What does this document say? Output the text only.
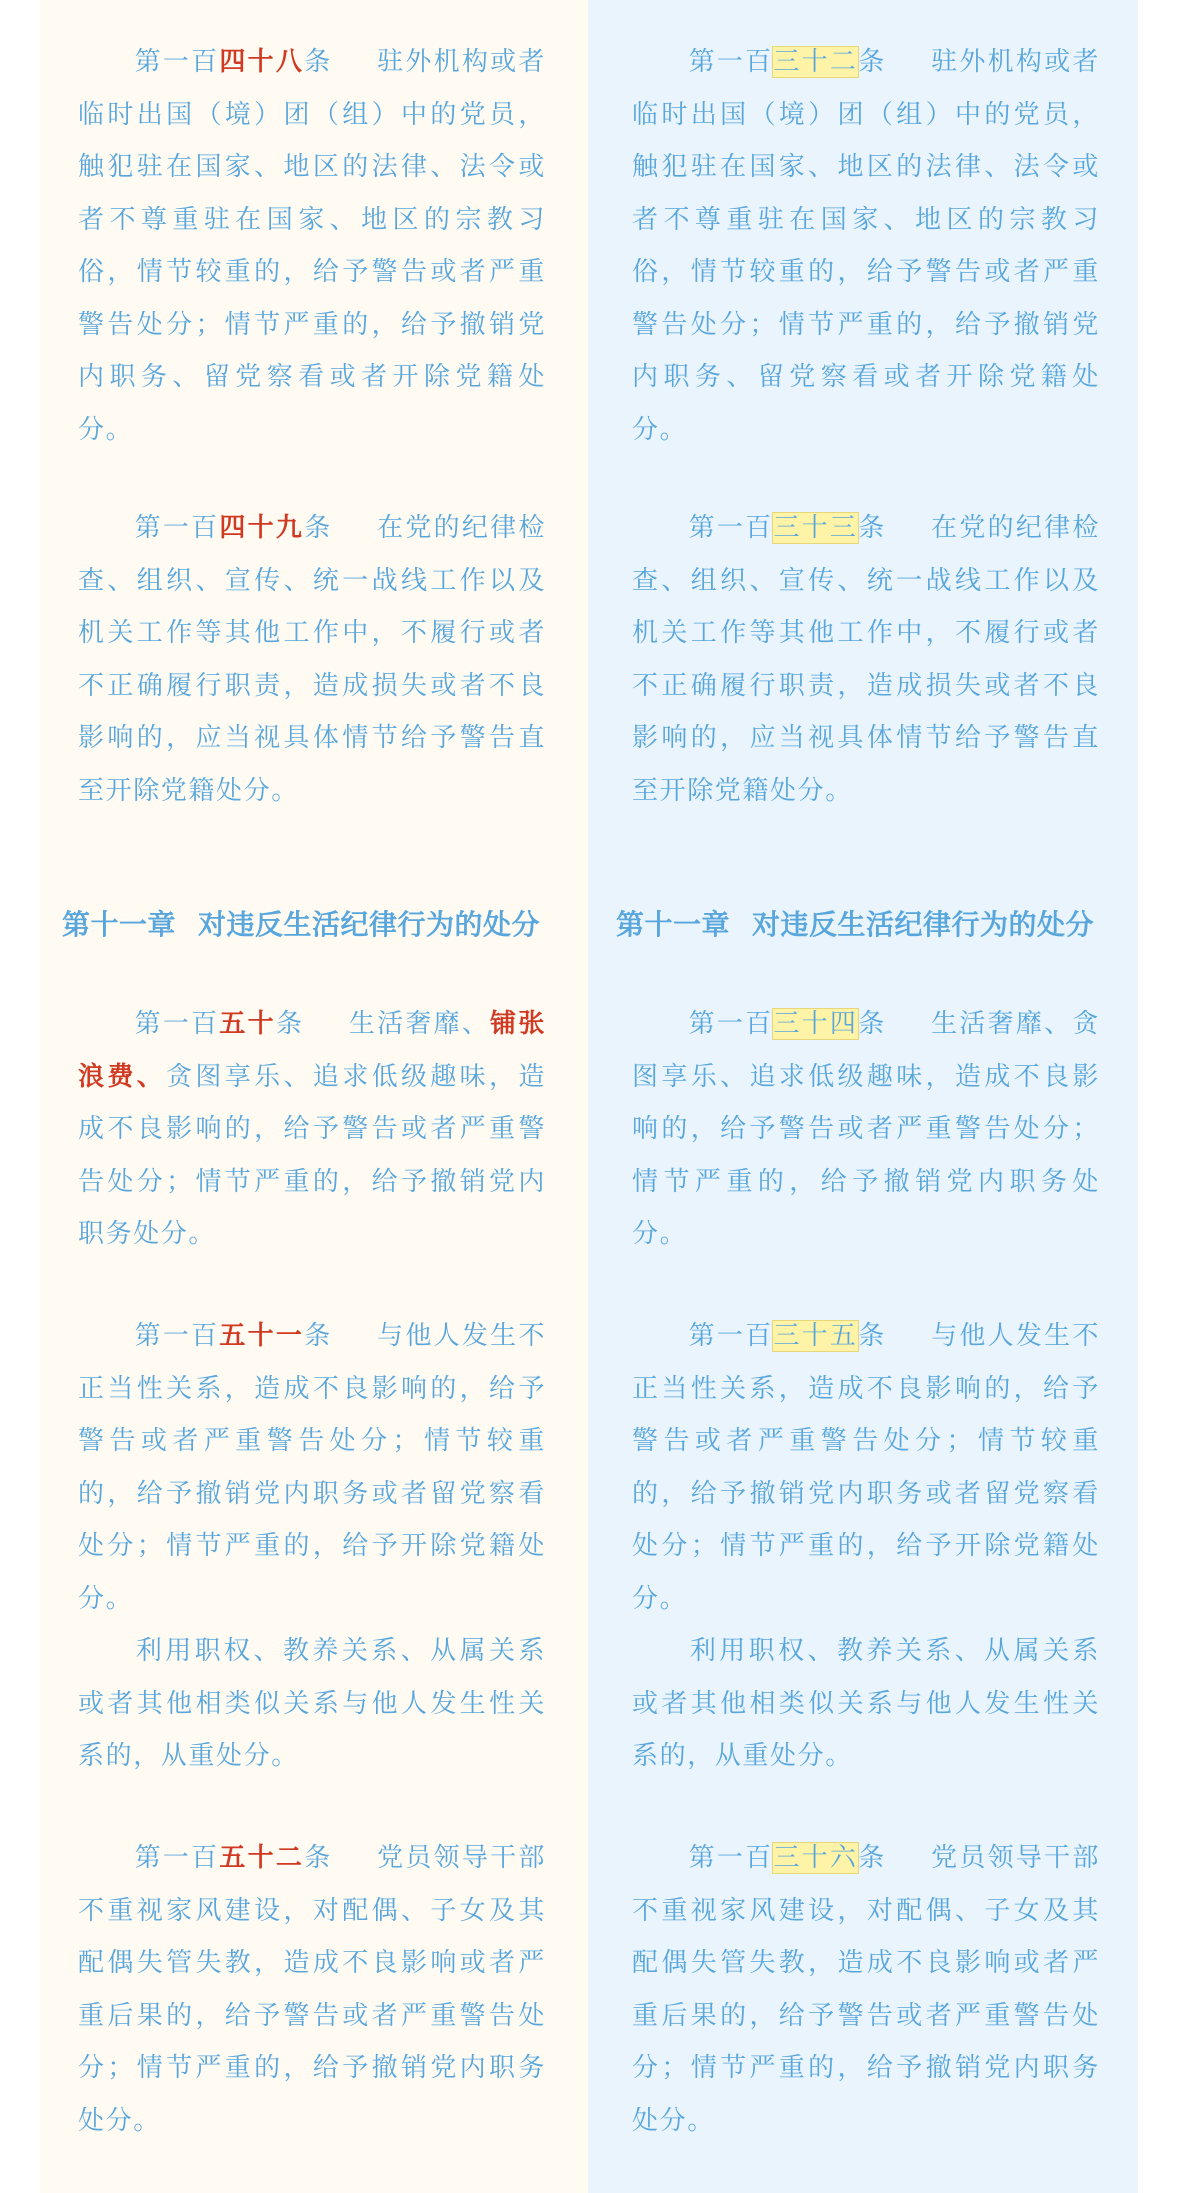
第一百四十八条 驻外机构或者临时出国（境）团（组）中的党员，触犯驻在国家、地区的法律、法令或者不尊重驻在国家、地区的宗教习俗，情节较重的，给予警告或者严重警告处分；情节严重的，给予撤销党内职务、留党察看或者开除党籍处分。

第一百四十九条 在党的纪律检查、组织、宣传、统一战线工作以及机关工作等其他工作中，不履行或者不正确履行职责，造成损失或者不良影响的，应当视具体情节给予警告直至开除党籍处分。

第十一章 对违反生活纪律行为的处分

第一百五十条 生活奢靡、铺张浪费、贪图享乐、追求低级趣味，造成不良影响的，给予警告或者严重警告处分；情节严重的，给予撤销党内职务处分。

第一百五十一条 与他人发生不正当性关系，造成不良影响的，给予警告或者严重警告处分；情节较重的，给予撤销党内职务或者留党察看处分；情节严重的，给予开除党籍处分。

利用职权、教养关系、从属关系或者其他相类似关系与他人发生性关系的，从重处分。

第一百五十二条 党员领导干部不重视家风建设，对配偶、子女及其配偶失管失教，造成不良影响或者严重后果的，给予警告或者严重警告处分；情节严重的，给予撤销党内职务处分。

第一百三十二条 驻外机构或者临时出国（境）团（组）中的党员，触犯驻在国家、地区的法律、法令或者不尊重驻在国家、地区的宗教习俗，情节较重的，给予警告或者严重警告处分；情节严重的，给予撤销党内职务、留党察看或者开除党籍处分。

第一百三十三条 在党的纪律检查、组织、宣传、统一战线工作以及机关工作等其他工作中，不履行或者不正确履行职责，造成损失或者不良影响的，应当视具体情节给予警告直至开除党籍处分。

第十一章 对违反生活纪律行为的处分

第一百三十四条 生活奢靡、贪图享乐、追求低级趣味，造成不良影响的，给予警告或者严重警告处分；情节严重的，给予撤销党内职务处分。

第一百三十五条 与他人发生不正当性关系，造成不良影响的，给予警告或者严重警告处分；情节较重的，给予撤销党内职务或者留党察看处分；情节严重的，给予开除党籍处分。

利用职权、教养关系、从属关系或者其他相类似关系与他人发生性关系的，从重处分。

第一百三十六条 党员领导干部不重视家风建设，对配偶、子女及其配偶失管失教，造成不良影响或者严重后果的，给予警告或者严重警告处分；情节严重的，给予撤销党内职务处分。
